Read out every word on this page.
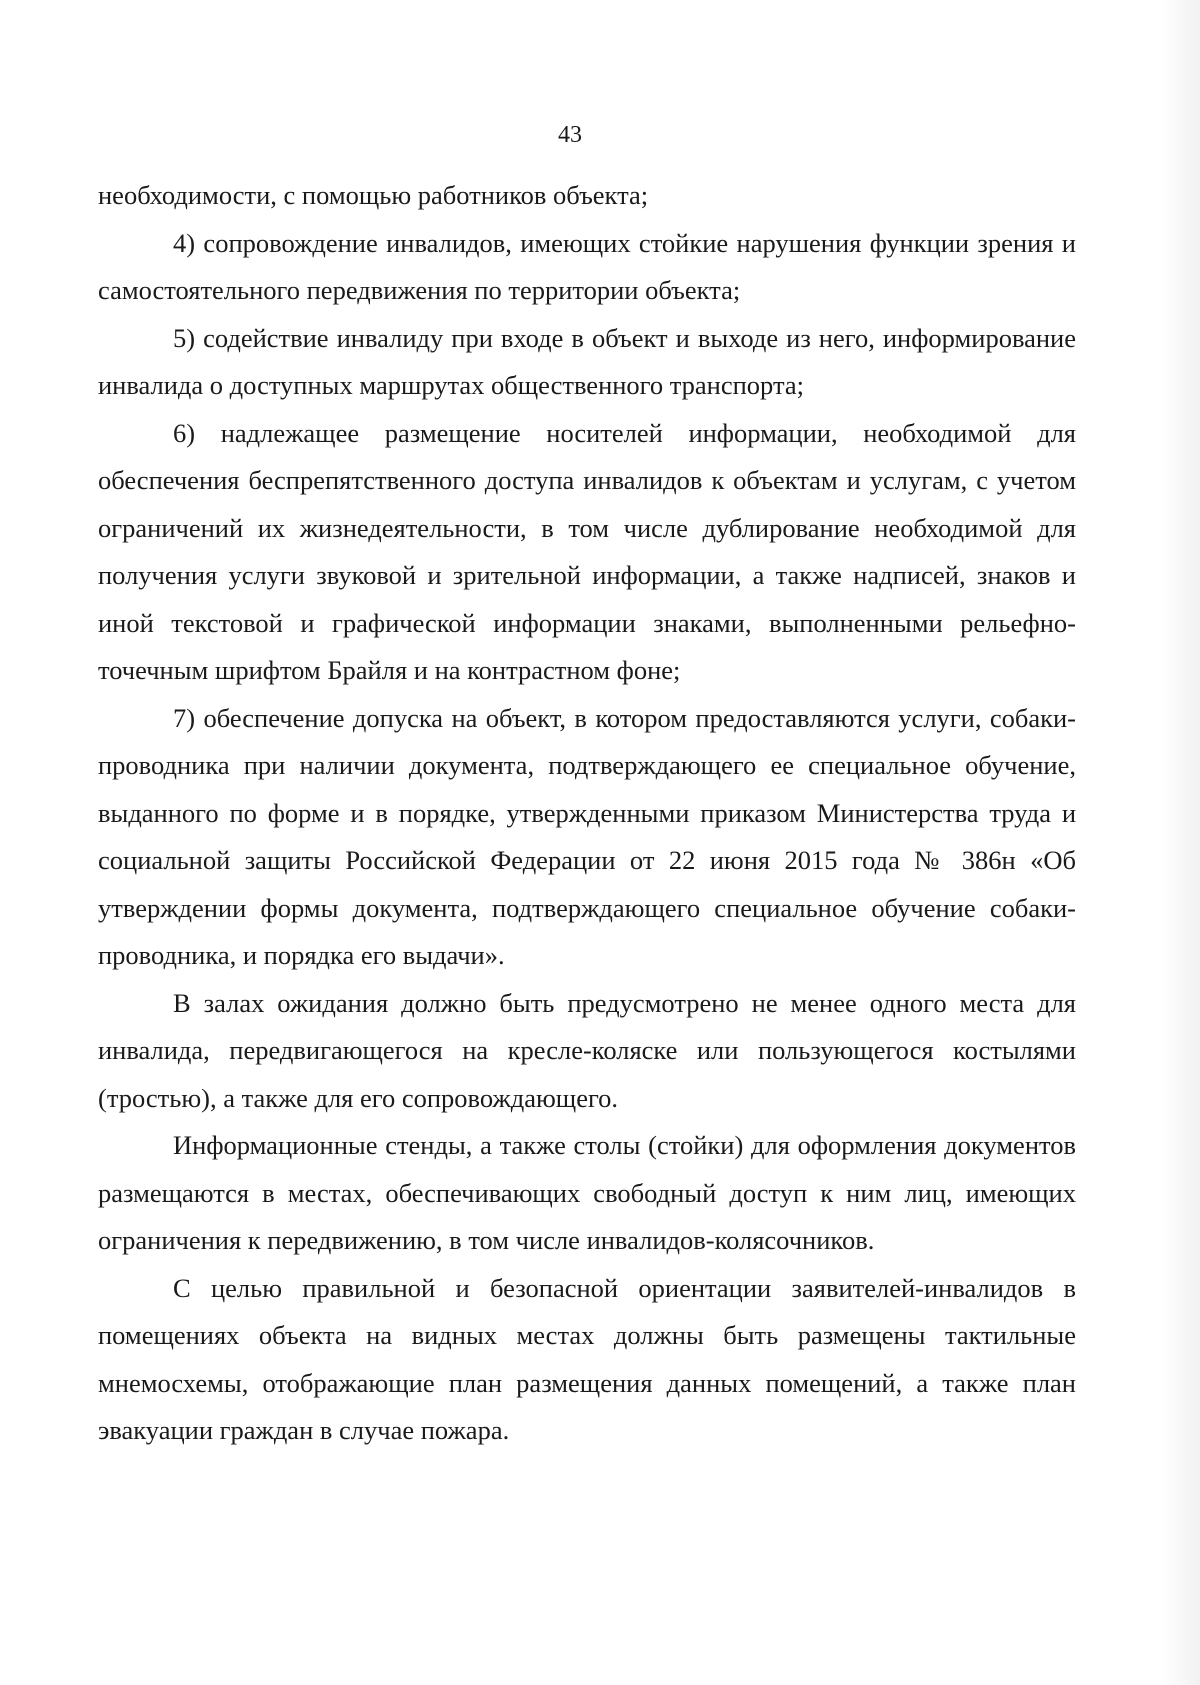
43

необходимости, с помощью работников объекта;

4) сопровождение инвалидов, имеющих стойкие нарушения функции зрения и самостоятельного передвижения по территории объекта;

5) содействие инвалиду при входе в объект и выходе из него, информирование инвалида о доступных маршрутах общественного транспорта;

6) надлежащее размещение носителей информации, необходимой для обеспечения беспрепятственного доступа инвалидов к объектам и услугам, с учетом ограничений их жизнедеятельности, в том числе дублирование необходимой для получения услуги звуковой и зрительной информации, а также надписей, знаков и иной текстовой и графической информации знаками, выполненными рельефно-точечным шрифтом Брайля и на контрастном фоне;

7) обеспечение допуска на объект, в котором предоставляются услуги, собаки-проводника при наличии документа, подтверждающего ее специальное обучение, выданного по форме и в порядке, утвержденными приказом Министерства труда и социальной защиты Российской Федерации от 22 июня 2015 года № 386н «Об утверждении формы документа, подтверждающего специальное обучение собаки-проводника, и порядка его выдачи».

В залах ожидания должно быть предусмотрено не менее одного места для инвалида, передвигающегося на кресле-коляске или пользующегося костылями (тростью), а также для его сопровождающего.

Информационные стенды, а также столы (стойки) для оформления документов размещаются в местах, обеспечивающих свободный доступ к ним лиц, имеющих ограничения к передвижению, в том числе инвалидов-колясочников.

С целью правильной и безопасной ориентации заявителей-инвалидов в помещениях объекта на видных местах должны быть размещены тактильные мнемосхемы, отображающие план размещения данных помещений, а также план эвакуации граждан в случае пожара.
